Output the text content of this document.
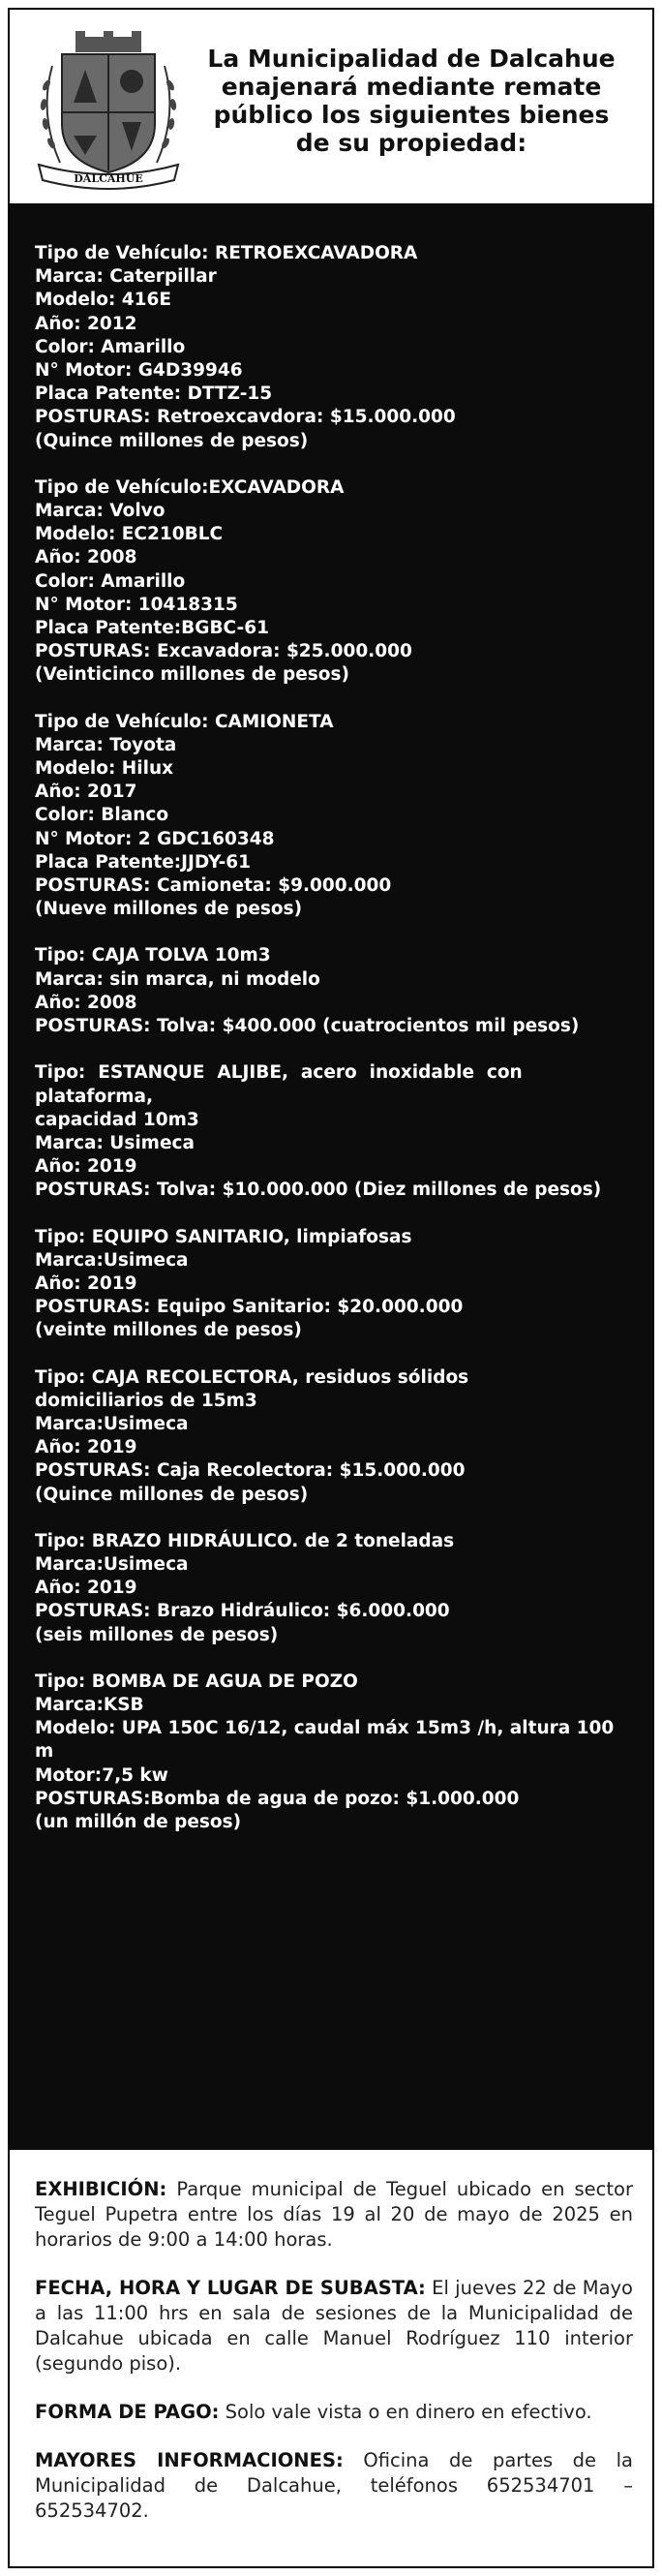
DALCAHUE
La Municipalidad de Dalcahue
enajenará mediante remate
público los siguientes bienes
de su propiedad:
Tipo de Vehículo: RETROEXCAVADORA
Marca: Caterpillar
Modelo: 416E
Año: 2012
Color: Amarillo
N° Motor: G4D39946
Placa Patente: DTTZ-15
POSTURAS: Retroexcavdora: $15.000.000
(Quince millones de pesos)
Tipo de Vehículo:EXCAVADORA
Marca: Volvo
Modelo: EC210BLC
Año: 2008
Color: Amarillo
N° Motor: 10418315
Placa Patente:BGBC-61
POSTURAS: Excavadora: $25.000.000
(Veinticinco millones de pesos)
Tipo de Vehículo: CAMIONETA
Marca: Toyota
Modelo: Hilux
Año: 2017
Color: Blanco
N° Motor: 2 GDC160348
Placa Patente:JJDY-61
POSTURAS: Camioneta: $9.000.000
(Nueve millones de pesos)
Tipo: CAJA TOLVA 10m3
Marca: sin marca, ni modelo
Año: 2008
POSTURAS: Tolva: $400.000 (cuatrocientos mil pesos)
Tipo:  ESTANQUE  ALJIBE,  acero  inoxidable  con  plataforma,
capacidad 10m3
Marca: Usimeca
Año: 2019
POSTURAS: Tolva: $10.000.000 (Diez millones de pesos)
Tipo: EQUIPO SANITARIO, limpiafosas
Marca:Usimeca
Año: 2019
POSTURAS: Equipo Sanitario: $20.000.000
(veinte millones de pesos)
Tipo: CAJA RECOLECTORA, residuos sólidos
domiciliarios de 15m3
Marca:Usimeca
Año: 2019
POSTURAS: Caja Recolectora: $15.000.000
(Quince millones de pesos)
Tipo: BRAZO HIDRÁULICO. de 2 toneladas
Marca:Usimeca
Año: 2019
POSTURAS: Brazo Hidráulico: $6.000.000
(seis millones de pesos)
Tipo: BOMBA DE AGUA DE POZO
Marca:KSB
Modelo: UPA 150C 16/12, caudal máx 15m3 /h, altura 100 m
Motor:7,5 kw
POSTURAS:Bomba de agua de pozo: $1.000.000
(un millón de pesos)

EXHIBICIÓN: Parque municipal de Teguel ubicado en sector Teguel Pupetra entre los días 19 al 20 de mayo de 2025 en horarios de 9:00 a 14:00 horas.

FECHA, HORA Y LUGAR DE SUBASTA: El jueves 22 de Mayo a las 11:00 hrs en sala de sesiones de la Municipalidad de Dalcahue ubicada en calle Manuel Rodríguez 110 interior (segundo piso).

FORMA DE PAGO: Solo vale vista o en dinero en efectivo.

MAYORES INFORMACIONES: Oficina de partes de la Municipalidad de Dalcahue, teléfonos 652534701 – 652534702.
